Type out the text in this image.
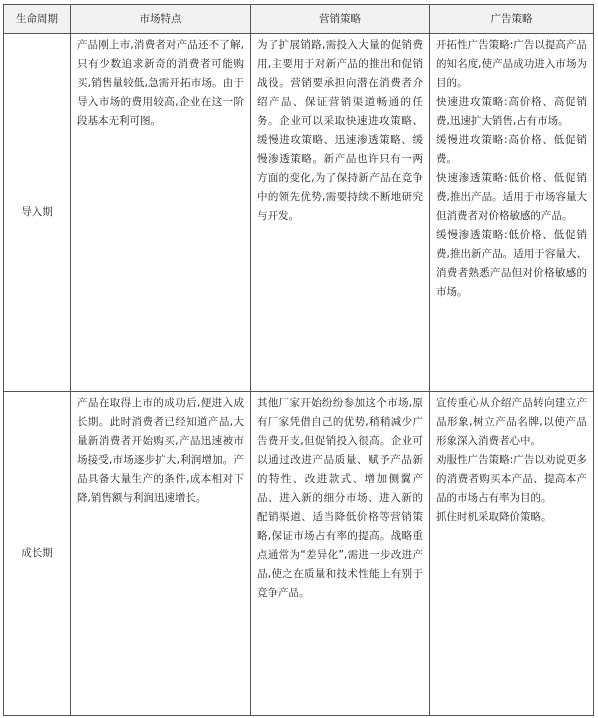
生命周期	市场特点	营销策略	广告策略
导入期	产品刚上市,消费者对产品还不了解,只有少数追求新奇的消费者可能购买,销售量较低,急需开拓市场。由于导入市场的费用较高,企业在这一阶段基本无利可图。	为了扩展销路,需投入大量的促销费用,主要用于对新产品的推出和促销战役。营销要承担向潜在消费者介绍产品、保证营销渠道畅通的任务。企业可以采取快速进攻策略、缓慢进攻策略、迅速渗透策略、缓慢渗透策略。新产品也许只有一两方面的变化,为了保持新产品在竞争中的领先优势,需要持续不断地研究与开发。	开拓性广告策略:广告以提高产品的知名度,使产品成功进入市场为目的。

快速进攻策略:高价格、高促销费,迅速扩大销售,占有市场。

缓慢进攻策略:高价格、低促销费。

快速渗透策略:低价格、低促销费,推出产品。适用于市场容量大但消费者对价格敏感的产品。

缓慢渗透策略:低价格、低促销费,推出新产品。适用于容量大、消费者熟悉产品但对价格敏感的市场。

成长期	产品在取得上市的成功后,便进入成长期。此时消费者已经知道产品,大量新消费者开始购买,产品迅速被市场接受,市场逐步扩大,利润增加。产品具备大量生产的条件,成本相对下降,销售额与利润迅速增长。	其他厂家开始纷纷参加这个市场,原有厂家凭借自己的优势,稍稍减少广告费开支,但促销投入很高。企业可以通过改进产品质量、赋予产品新的特性、改进款式、增加侧翼产品、进入新的细分市场、进入新的配销渠道、适当降低价格等营销策略,保证市场占有率的提高。战略重点通常为“差异化”,需进一步改进产品,使之在质量和技术性能上有别于竞争产品。	宣传重心从介绍产品转向建立产品形象,树立产品名牌,以使产品形象深入消费者心中。

劝服性广告策略:广告以劝说更多的消费者购买本产品、提高本产品的市场占有率为目的。

抓住时机采取降价策略。
